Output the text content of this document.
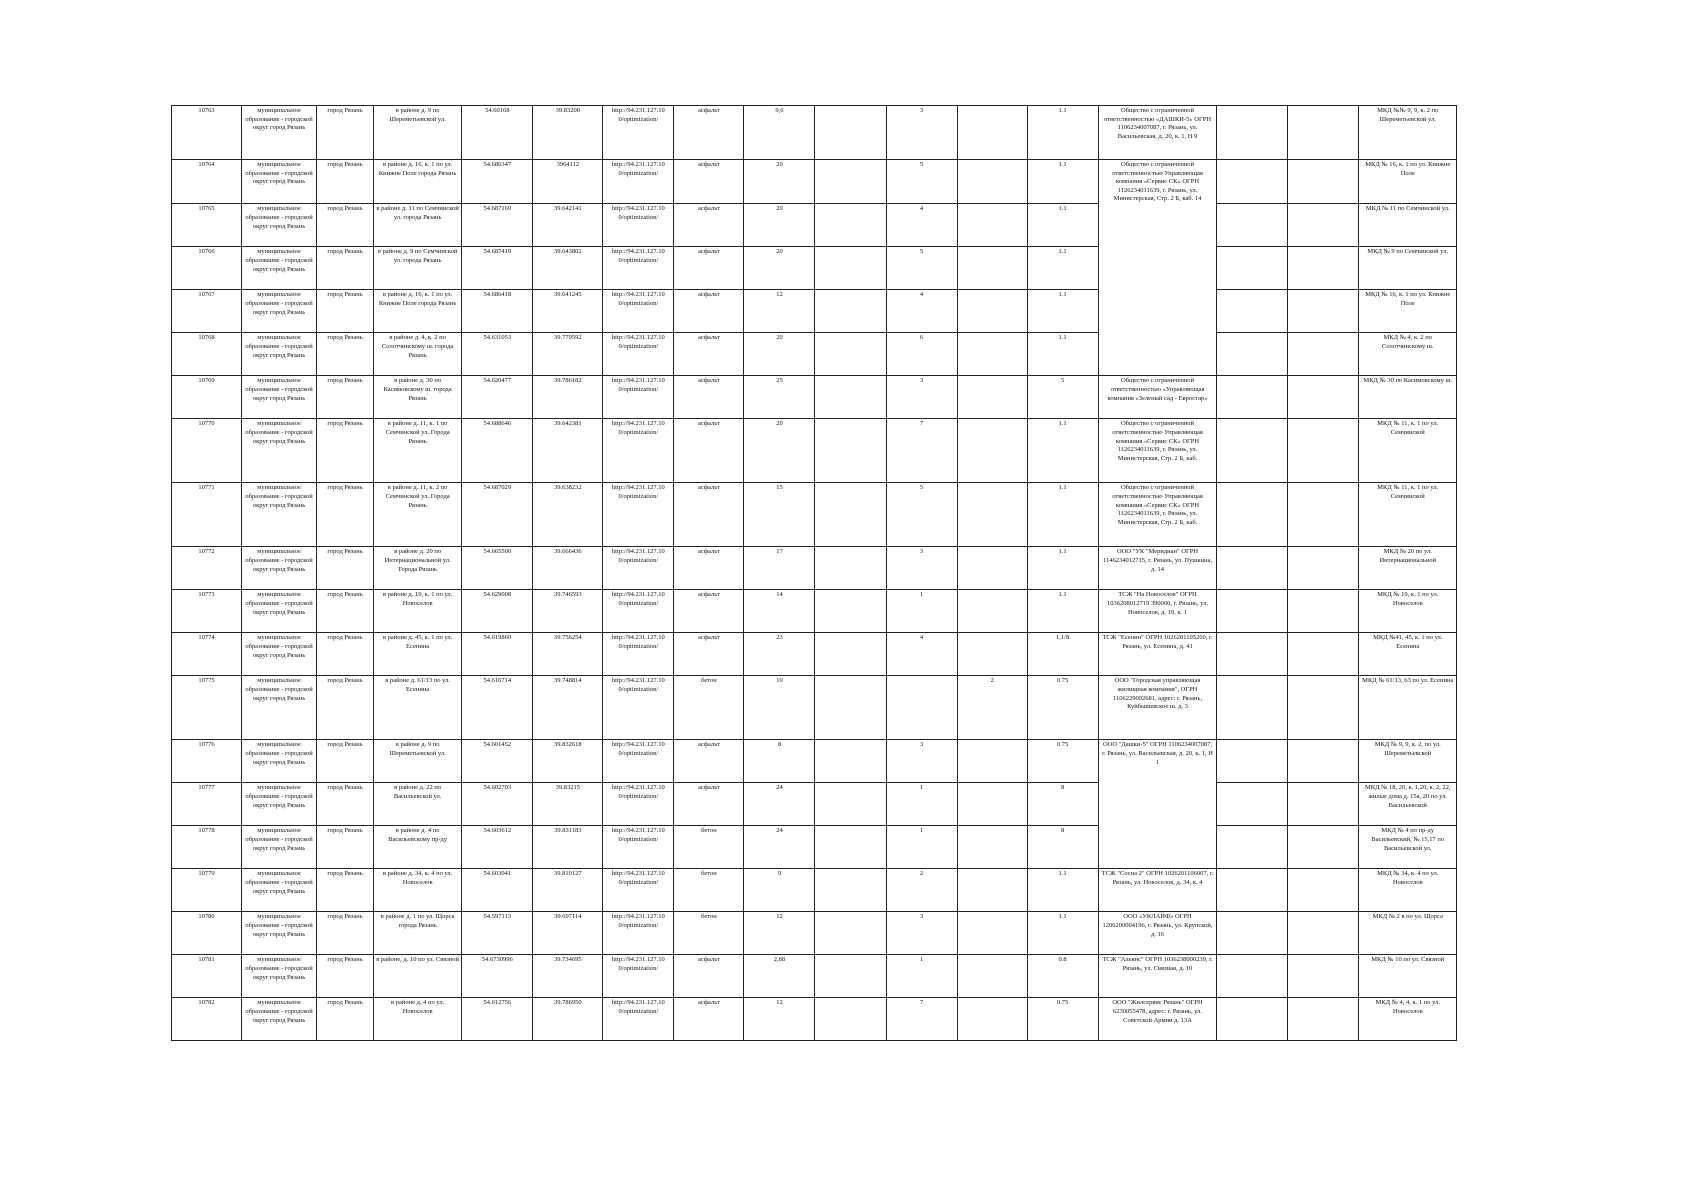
10763	муниципальное образование - городской округ город Рязань	город Рязань	в районе д. 9 по Шереметьевской ул.	54.60168	39.83200	http://94.231.127.10 0/optimization/	асфальт	9,6		3		1.1	Общество с ограниченной ответственностью «ДАШКИ-5» ОГРН 1106234007087, г. Рязань, ул. Васильевская, д. 20, к. 1, Н 9			МКД №№ 9, 9, к. 2 по Шереметьевской ул.
10764	муниципальное образование - городской округ город Рязань	город Рязань	в районе д. 16, к. 1 по ул. Книжне Поле города Рязань	54.686347	3964112	http://94.231.127.10 0/optimization/	асфальт	20		5		1.1	Общество с ограниченной ответственностью Управляющая компания «Сервис СК» ОГРН 1126234011639, г. Рязань, ул. Министерская, Стр. 2 Б, каб. 14			МКД № 16, к. 1 по ул. Книжне Поле
10765	муниципальное образование - городской округ город Рязань	город Рязань	в районе д. 11 по Семчинской ул. города Рязань	54.687169	39.642141	http://94.231.127.10 0/optimization/	асфальт	20		4		1.1				МКД № 11 по Семчинской ул.
10766	муниципальное образование - городской округ город Рязань	город Рязань	в районе д. 9 по Семчинской ул. города Рязань	54.687419	39.643802	http://94.231.127.10 0/optimization/	асфальт	20		5		1.1				МКД № 9 по Семчинской ул.
10767	муниципальное образование - городской округ город Рязань	город Рязань	в районе д. 16, к. 1 по ул. Книжне Поле города Рязань	54.686418	39.641245	http://94.231.127.10 0/optimization/	асфальт	12		4		1.1				МКД № 16, к. 1 по ул. Книжне Поле
10768	муниципальное образование - городской округ город Рязань	город Рязань	в районе д. 4, к. 2 по Солотчинскому ш. города Рязань	54.631053	39.779592	http://94.231.127.10 0/optimization/	асфальт	20		6		1.1				МКД № 4, к. 2 по Солотчинскому ш.
10769	муниципальное образование - городской округ город Рязань	город Рязань	в районе д. 30 по Касимовскому ш. города Рязань	54.620477	39.786182	http://94.231.127.10 0/optimization/	асфальт	25		3		5	Общество с ограниченной ответственностью «Управляющая компания «Зеленый сад - Евростар»			МКД № 30 по Касимовскому ш.
10770	муниципальное образование - городской округ город Рязань	город Рязань	в районе д. 11, к. 1 по Семчинской ул. Города Рязань	54.688646	39.642381	http://94.231.127.10 0/optimization/	асфальт	20		7		1.1	Общество с ограниченной ответственностью Управляющая компания «Сервис СК» ОГРН 1126234011639, г. Рязань, ул. Министерская, Стр. 2 Б, каб.			МКД № 11, к. 1 по ул. Семчинской
10771	муниципальное образование - городской округ город Рязань	город Рязань	в районе д. 11, к. 2 по Семчинской ул. Города Рязань	54.687029	39.638232	http://94.231.127.10 0/optimization/	асфальт	15		5		1.1	Общество с ограниченной ответственностью Управляющая компания «Сервис СК» ОГРН 1126234011639, г. Рязань, ул. Министерская, Стр. 2 Б, каб.			МКД № 11, к. 1 по ул. Семчинской
10772	муниципальное образование - городской округ город Рязань	город Рязань	в районе д. 20 по Интернациональной ул. Города Рязань	54.665500	39.666436	http://94.231.127.10 0/optimization/	асфальт	17		3		1.1	ООО "УК "Меридиан" ОГРН 1146234012715, г. Рязань, ул. Пушкина, д. 14			МКД № 20 по ул. Интернациональной
10773	муниципальное образование - городской округ город Рязань	город Рязань	в районе д. 19, к. 1 по ул. Новоселов	54.629008	39.746593	http://94.231.127.10 0/optimization/	асфальт	14		1		1.1	ТСЖ "На Новоселов" ОГРН 1036208012719 390000, г. Рязань, ул. Новоселов, д. 19, к. 1			МКД № 19, к. 1 по ул. Новоселов
10774	муниципальное образование - городской округ город Рязань	город Рязань	в районе д. 45, к. 1 по ул. Есенина	54.619860	39.756254	http://94.231.127.10 0/optimization/	асфальт	23		4		1,1/8	ТСЖ "Есенин" ОГРН 1026201105260, г. Рязань, ул. Есенина, д. 41			МКД №41, 45, к. 1 по ул. Есенина
10775	муниципальное образование - городской округ город Рязань	город Рязань	в районе д. 61/13 по ул. Есенина	54.616714	39.748814	http://94.231.127.10 0/optimization/	бетон	10			2	0.75	ООО "Городская управляющая жилищная компания", ОГРН 1106229002681, адрес: г. Рязань, Куйбышевское ш. д. 3			МКД № 61/13, 63 по ул. Есенина
10776	муниципальное образование - городской округ город Рязань	город Рязань	в районе д. 9 по Шереметьевской ул.	54.601452	39.832618	http://94.231.127.10 0/optimization/	асфальт	8		3		0.75	ООО "Дашки-5" ОГРН 1106234007087, г. Рязань, ул. Васильевская, д. 20, к. 1, Н 1			МКД № 9, 9, к. 2, по ул. Шереметьевской
10777	муниципальное образование - городской округ город Рязань	город Рязань	в районе д. 22 по Васильевской ул.	54.602703	39.83215	http://94.231.127.10 0/optimization/	асфальт	24		1		8				МКД № 18, 20, к. 1,20, к. 2, 22, жилые дома д. 15а, 20 по ул. Васильевской
10778	муниципальное образование - городской округ город Рязань	город Рязань	в районе д. 4 по Васильевскому пр-ду	54.603612	39.831183	http://94.231.127.10 0/optimization/	бетон	24		1		8				МКД № 4 по пр-ду Васильевский, № 15,17 по Васильевской ул.
10779	муниципальное образование - городской округ город Рязань	город Рязань	в районе д. 34, к. 4 по ул. Новоселов	54.603041	39.810127	http://94.231.127.10 0/optimization/	бетон	9		2		1.1	ТСЖ "Сосна 2" ОГРН 1026201106007, г. Рязань, ул. Новоселов, д. 34, к. 4			МКД № 34, к. 4 по ул. Новоселов
10780	муниципальное образование - городской округ город Рязань	город Рязань	в районе д. 1 по ул. Щорса города Рязань	54.597113	39.697114	http://94.231.127.10 0/optimization/	бетон	12		3		1.1	ООО «УКЛАЙФ» ОГРН 1206200004196, г. Рязань, ул. Крупской, д. 16			МКД № 2 в по ул. Щорса
10781	муниципальное образование - городской округ город Рязань	город Рязань	в районе, д. 10 по ул. Связной	54.6730996	39.734695	http://94.231.127.10 0/optimization/	асфальт	2,88		1		0.8	ТСЖ "Альянс" ОГРН 1036238000239, г. Рязань, ул. Связная, д. 10			МКД № 10 по ул. Связной
10782	муниципальное образование - городской округ город Рязань	город Рязань	в районе д. 4 по ул. Новоселов	54.612756	39.786950	http://94.231.127.10 0/optimization/	асфальт	12		7		0.75	ООО "Жилсервис Рязань" ОГРН 6230055478, адрес: г. Рязань, ул. Советской Армии д. 13А			МКД № 4, 4, к. 1 по ул. Новоселов
